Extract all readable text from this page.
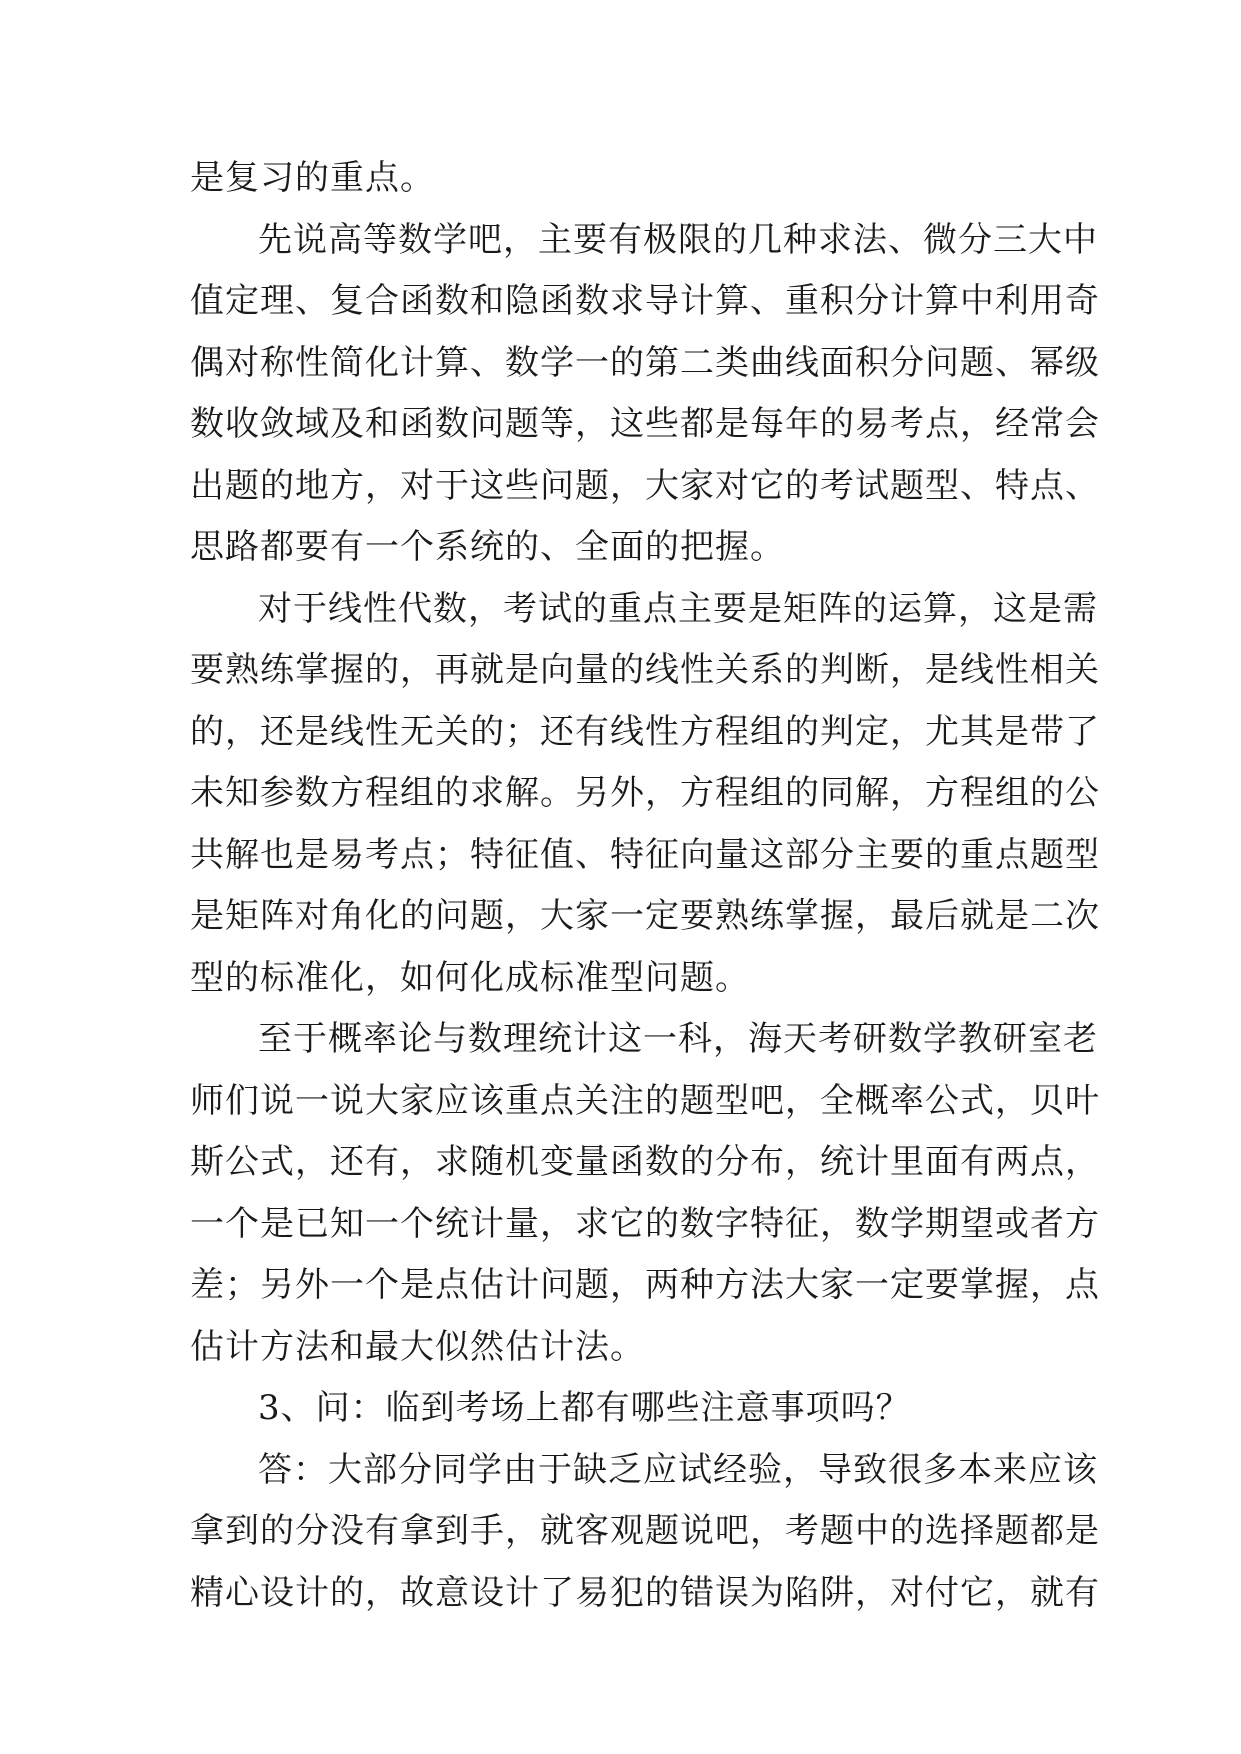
是复习的重点。
先说高等数学吧，主要有极限的几种求法、微分三大中
值定理、复合函数和隐函数求导计算、重积分计算中利用奇
偶对称性简化计算、数学一的第二类曲线面积分问题、幂级
数收敛域及和函数问题等，这些都是每年的易考点，经常会
出题的地方，对于这些问题，大家对它的考试题型、特点、
思路都要有一个系统的、全面的把握。
对于线性代数，考试的重点主要是矩阵的运算，这是需
要熟练掌握的，再就是向量的线性关系的判断，是线性相关
的，还是线性无关的；还有线性方程组的判定，尤其是带了
未知参数方程组的求解。另外，方程组的同解，方程组的公
共解也是易考点；特征值、特征向量这部分主要的重点题型
是矩阵对角化的问题，大家一定要熟练掌握，最后就是二次
型的标准化，如何化成标准型问题。
至于概率论与数理统计这一科，海天考研数学教研室老
师们说一说大家应该重点关注的题型吧，全概率公式，贝叶
斯公式，还有，求随机变量函数的分布，统计里面有两点，
一个是已知一个统计量，求它的数字特征，数学期望或者方
差；另外一个是点估计问题，两种方法大家一定要掌握，点
估计方法和最大似然估计法。
3、问：临到考场上都有哪些注意事项吗？
答：大部分同学由于缺乏应试经验，导致很多本来应该
拿到的分没有拿到手，就客观题说吧，考题中的选择题都是
精心设计的，故意设计了易犯的错误为陷阱，对付它，就有
